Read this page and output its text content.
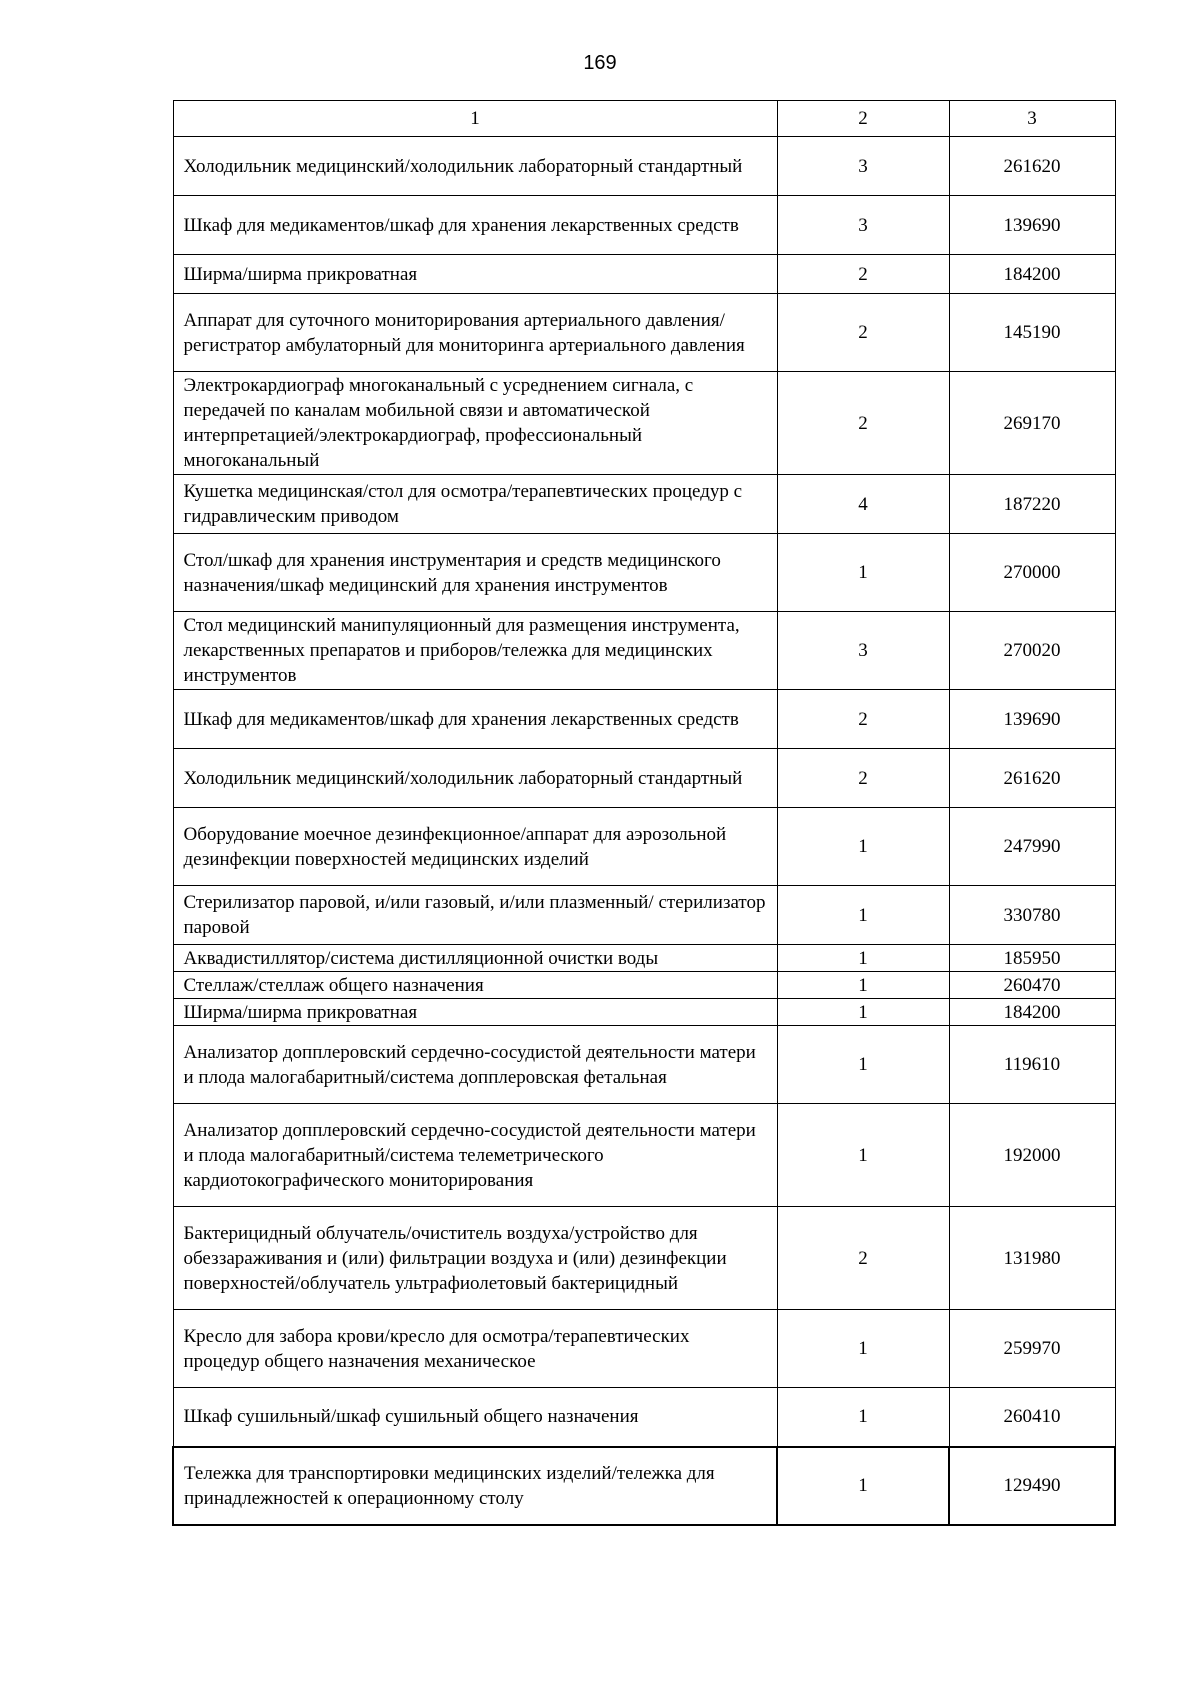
169
1	2	3
Холодильник медицинский/холодильник лабораторный стандартный	3	261620
Шкаф для медикаментов/шкаф для хранения лекарственных средств	3	139690
Ширма/ширма прикроватная	2	184200
Аппарат для суточного мониторирования артериального давления/регистратор амбулаторный для мониторинга артериального давления	2	145190
Электрокардиограф многоканальный с усреднением сигнала, с передачей по каналам мобильной связи и автоматической интерпретацией/электрокардиограф, профессиональный многоканальный	2	269170
Кушетка медицинская/стол для осмотра/терапевтических процедур с гидравлическим приводом	4	187220
Стол/шкаф для хранения инструментария и средств медицинского назначения/шкаф медицинский для хранения инструментов	1	270000
Стол медицинский манипуляционный для размещения инструмента, лекарственных препаратов и приборов/тележка для медицинских инструментов	3	270020
Шкаф для медикаментов/шкаф для хранения лекарственных средств	2	139690
Холодильник медицинский/холодильник лабораторный стандартный	2	261620
Оборудование моечное дезинфекционное/аппарат для аэрозольной дезинфекции поверхностей медицинских изделий	1	247990
Стерилизатор паровой, и/или газовый, и/или плазменный/ стерилизатор паровой	1	330780
Аквадистиллятор/система дистилляционной очистки воды	1	185950
Стеллаж/стеллаж общего назначения	1	260470
Ширма/ширма прикроватная	1	184200
Анализатор допплеровский сердечно-сосудистой деятельности матери и плода малогабаритный/система допплеровская фетальная	1	119610
Анализатор допплеровский сердечно-сосудистой деятельности матери и плода малогабаритный/система телеметрического кардиотокографического мониторирования	1	192000
Бактерицидный облучатель/очиститель воздуха/устройство для обеззараживания и (или) фильтрации воздуха и (или) дезинфекции поверхностей/облучатель ультрафиолетовый бактерицидный	2	131980
Кресло для забора крови/кресло для осмотра/терапевтических процедур общего назначения механическое	1	259970
Шкаф сушильный/шкаф сушильный общего назначения	1	260410
Тележка для транспортировки медицинских изделий/тележка для принадлежностей к операционному столу	1	129490
